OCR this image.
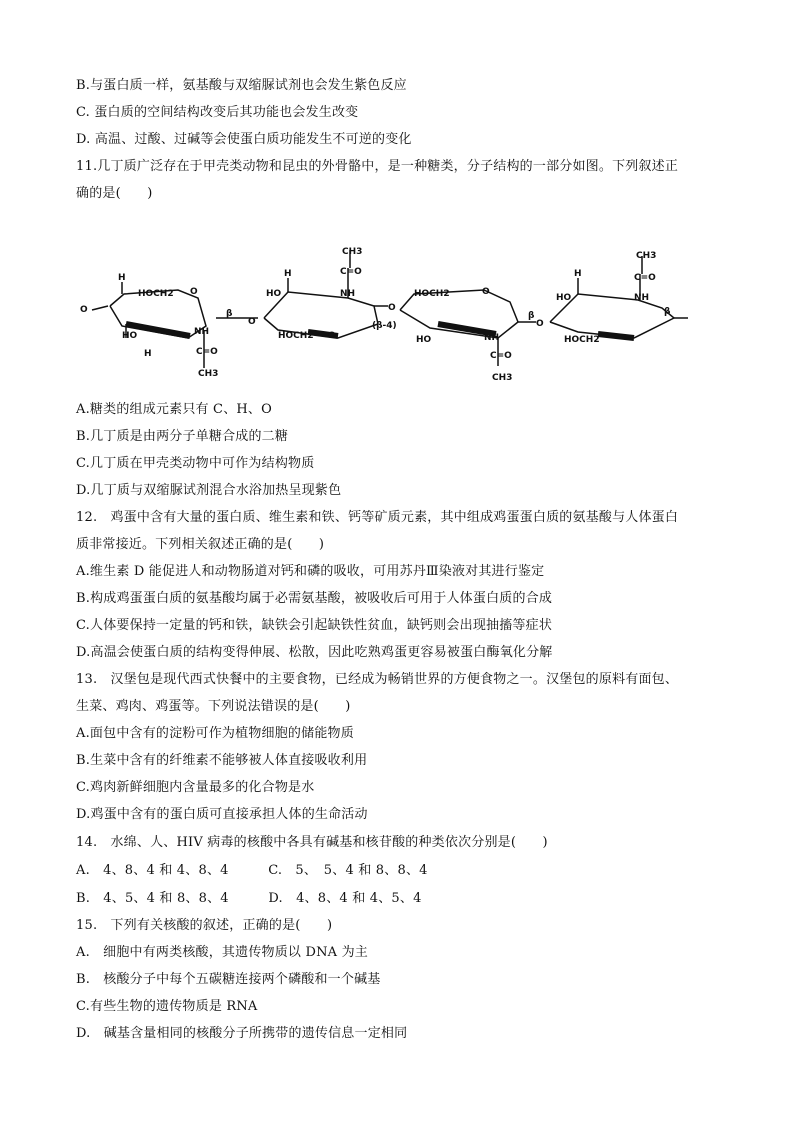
B.与蛋白质一样，氨基酸与双缩脲试剂也会发生紫色反应
C. 蛋白质的空间结构改变后其功能也会发生改变
D. 高温、过酸、过碱等会使蛋白质功能发生不可逆的变化
11.几丁质广泛存在于甲壳类动物和昆虫的外骨骼中，是一种糖类，分子结构的一部分如图。下列叙述正
确的是(　　)
O
H
HOCH2 O
HO
H
NH
C=O
CH3
β
O
H
HO
HOCH2
NH
C=O
CH3
O
O
(β-4)
HOCH2	O
HO	NH
C=O
CH3
β
O
H
HO
HOCH2
NH
C=O
CH3
β
A.糖类的组成元素只有 C、H、O
B.几丁质是由两分子单糖合成的二糖
C.几丁质在甲壳类动物中可作为结构物质
D.几丁质与双缩脲试剂混合水浴加热呈现紫色
12.　鸡蛋中含有大量的蛋白质、维生素和铁、钙等矿质元素，其中组成鸡蛋蛋白质的氨基酸与人体蛋白
质非常接近。下列相关叙述正确的是(　　)
A.维生素 D 能促进人和动物肠道对钙和磷的吸收，可用苏丹Ⅲ染液对其进行鉴定
B.构成鸡蛋蛋白质的氨基酸均属于必需氨基酸，被吸收后可用于人体蛋白质的合成
C.人体要保持一定量的钙和铁，缺铁会引起缺铁性贫血，缺钙则会出现抽搐等症状
D.高温会使蛋白质的结构变得伸展、松散，因此吃熟鸡蛋更容易被蛋白酶氧化分解
13.　汉堡包是现代西式快餐中的主要食物，已经成为畅销世界的方便食物之一。汉堡包的原料有面包、
生菜、鸡肉、鸡蛋等。下列说法错误的是(　　)
A.面包中含有的淀粉可作为植物细胞的储能物质
B.生菜中含有的纤维素不能够被人体直接吸收利用
C.鸡肉新鲜细胞内含量最多的化合物是水
D.鸡蛋中含有的蛋白质可直接承担人体的生命活动
14.　水绵、人、HIV 病毒的核酸中各具有碱基和核苷酸的种类依次分别是(　　)
A.　4、8、4 和 4、8、4　　　C.　5、　5、4 和 8、8、4
B.　4、5、4 和 8、8、4　　　D.　4、8、4 和 4、5、4
15.　下列有关核酸的叙述，正确的是(　　)
A.　细胞中有两类核酸，其遗传物质以 DNA 为主
B.　核酸分子中每个五碳糖连接两个磷酸和一个碱基
C.有些生物的遗传物质是 RNA
D.　碱基含量相同的核酸分子所携带的遗传信息一定相同
